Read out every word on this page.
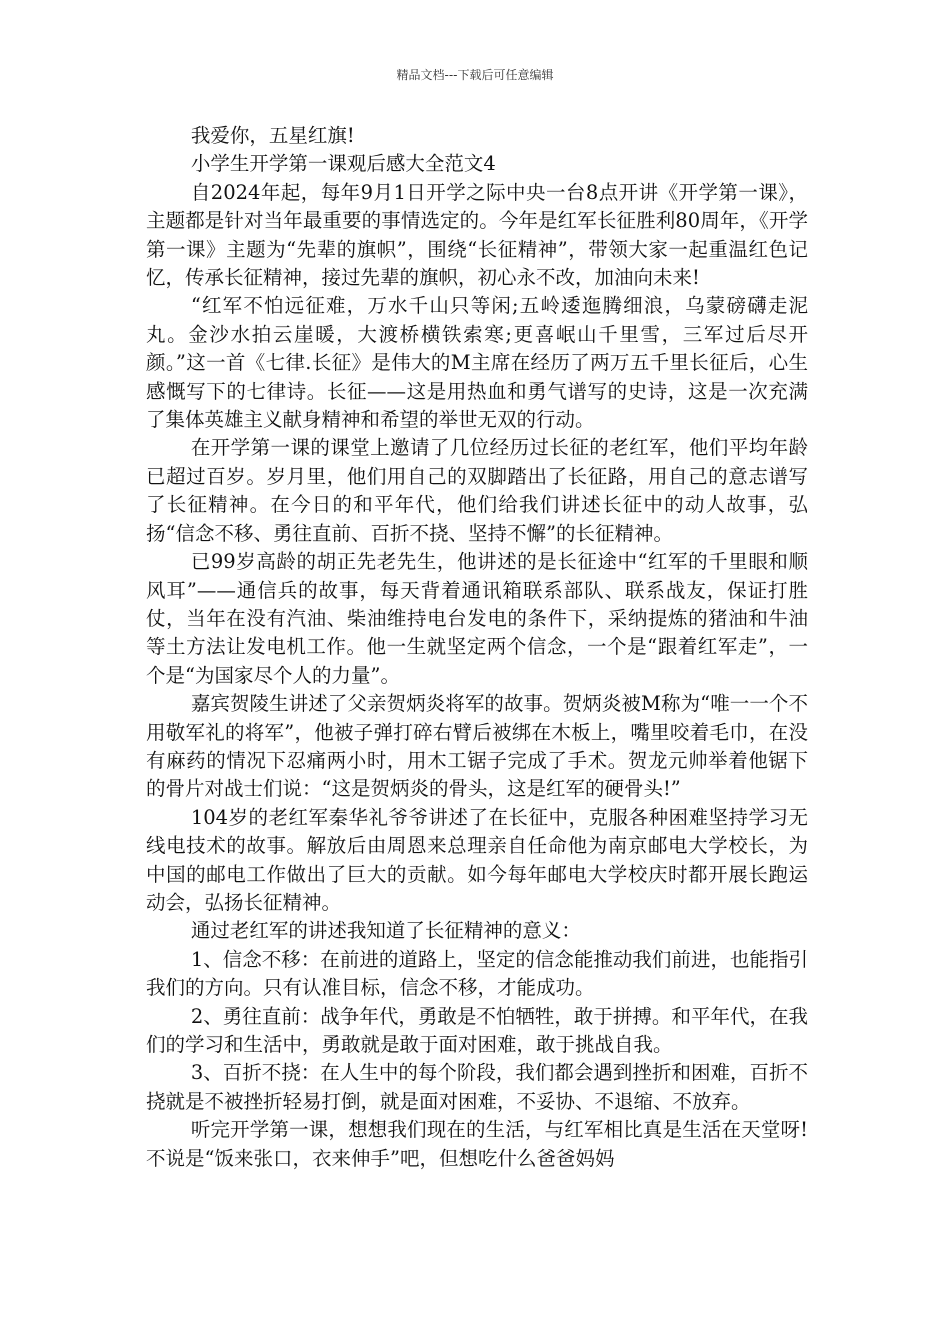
精品文档---下载后可任意编辑

我爱你，五星红旗!

小学生开学第一课观后感大全范文4

自2024年起，每年9月1日开学之际中央一台8点开讲《开学第一课》，主题都是针对当年最重要的事情选定的。今年是红军长征胜利80周年，《开学第一课》主题为“先辈的旗帜”，围绕“长征精神”，带领大家一起重温红色记忆，传承长征精神，接过先辈的旗帜，初心永不改，加油向未来!

“红军不怕远征难，万水千山只等闲;五岭逶迤腾细浪，乌蒙磅礴走泥丸。金沙水拍云崖暖，大渡桥横铁索寒;更喜岷山千里雪，三军过后尽开颜。”这一首《七律.长征》是伟大的M主席在经历了两万五千里长征后，心生感慨写下的七律诗。长征——这是用热血和勇气谱写的史诗，这是一次充满了集体英雄主义献身精神和希望的举世无双的行动。

在开学第一课的课堂上邀请了几位经历过长征的老红军，他们平均年龄已超过百岁。岁月里，他们用自己的双脚踏出了长征路，用自己的意志谱写了长征精神。在今日的和平年代，他们给我们讲述长征中的动人故事，弘扬“信念不移、勇往直前、百折不挠、坚持不懈”的长征精神。

已99岁高龄的胡正先老先生，他讲述的是长征途中“红军的千里眼和顺风耳”——通信兵的故事，每天背着通讯箱联系部队、联系战友，保证打胜仗，当年在没有汽油、柴油维持电台发电的条件下，采纳提炼的猪油和牛油等土方法让发电机工作。他一生就坚定两个信念，一个是“跟着红军走”，一个是“为国家尽个人的力量”。

嘉宾贺陵生讲述了父亲贺炳炎将军的故事。贺炳炎被M称为“唯一一个不用敬军礼的将军”，他被子弹打碎右臂后被绑在木板上，嘴里咬着毛巾，在没有麻药的情况下忍痛两小时，用木工锯子完成了手术。贺龙元帅举着他锯下的骨片对战士们说：“这是贺炳炎的骨头，这是红军的硬骨头!”

104岁的老红军秦华礼爷爷讲述了在长征中，克服各种困难坚持学习无线电技术的故事。解放后由周恩来总理亲自任命他为南京邮电大学校长，为中国的邮电工作做出了巨大的贡献。如今每年邮电大学校庆时都开展长跑运动会，弘扬长征精神。

通过老红军的讲述我知道了长征精神的意义：

1、信念不移：在前进的道路上，坚定的信念能推动我们前进，也能指引我们的方向。只有认准目标，信念不移，才能成功。

2、勇往直前：战争年代，勇敢是不怕牺牲，敢于拼搏。和平年代，在我们的学习和生活中，勇敢就是敢于面对困难，敢于挑战自我。

3、百折不挠：在人生中的每个阶段，我们都会遇到挫折和困难，百折不挠就是不被挫折轻易打倒，就是面对困难，不妥协、不退缩、不放弃。

听完开学第一课，想想我们现在的生活，与红军相比真是生活在天堂呀!不说是“饭来张口，衣来伸手”吧，但想吃什么爸爸妈妈
